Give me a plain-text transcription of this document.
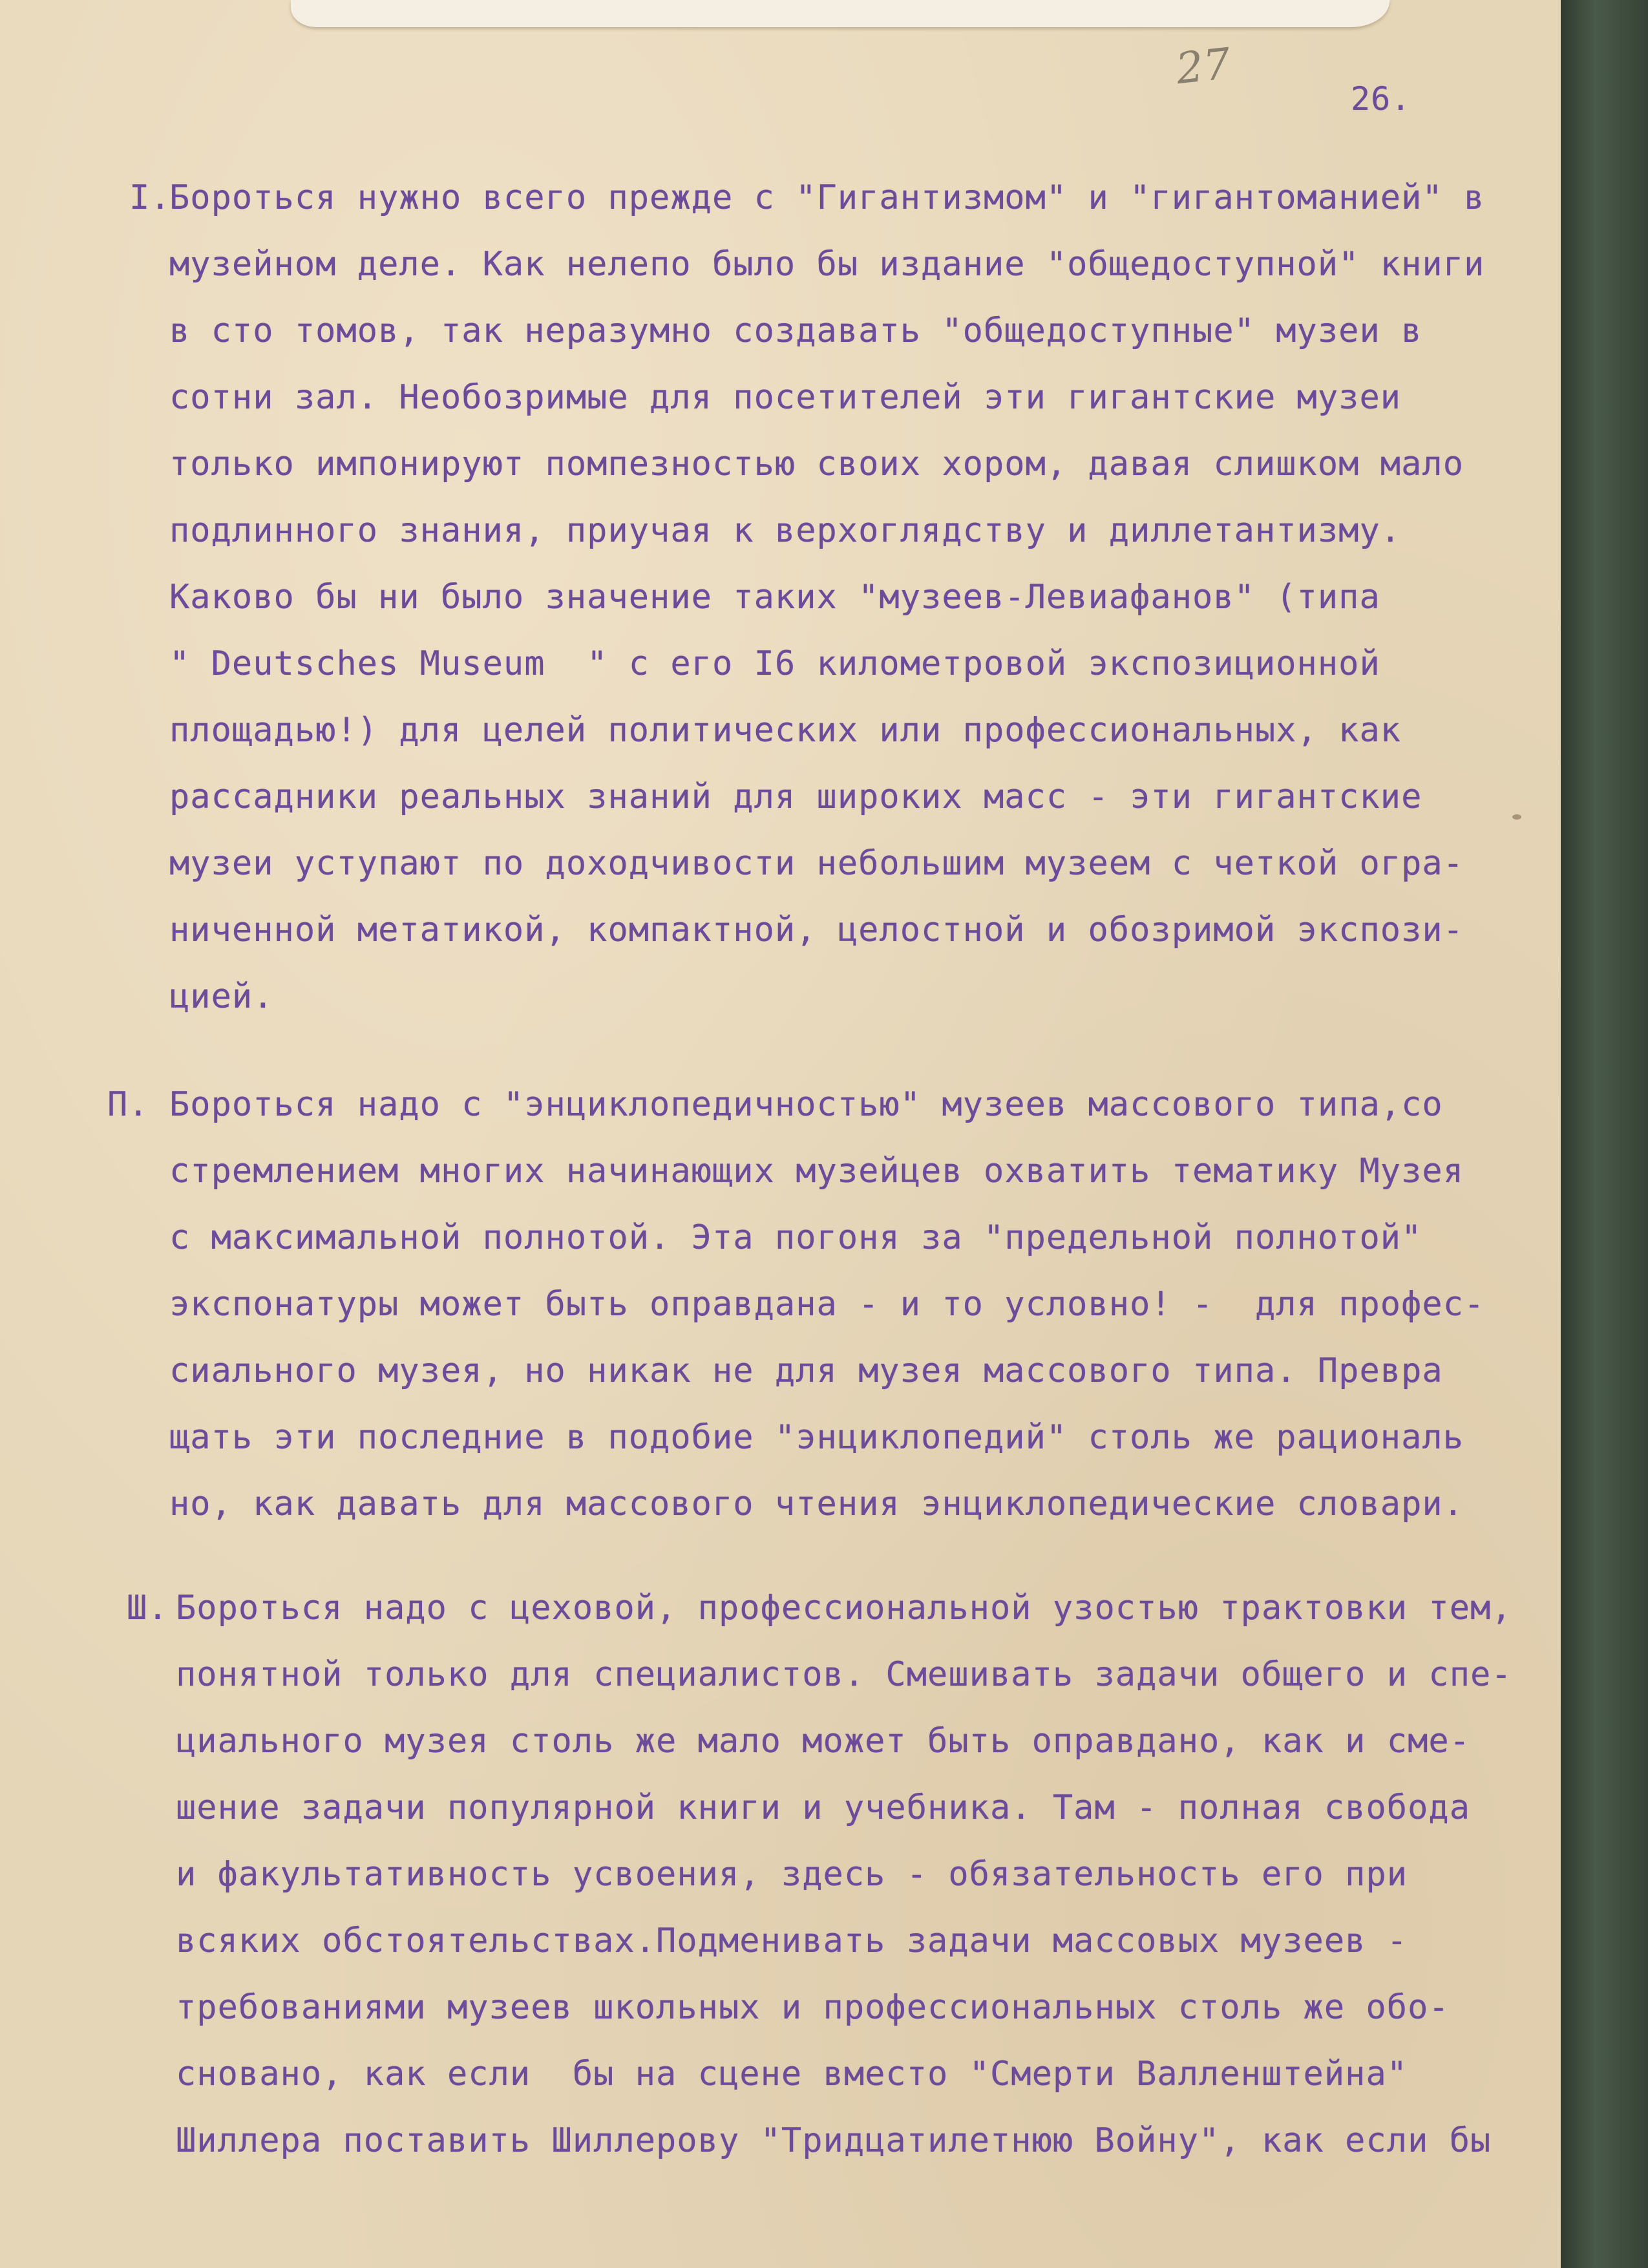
27

26.

I.

Бороться нужно всего прежде с "Гигантизмом" и "гигантоманией" в

музейном деле. Как нелепо было бы издание "общедоступной" книги

в сто томов, так неразумно создавать "общедоступные" музеи в

сотни зал. Необозримые для посетителей эти гигантские музеи

только импонируют помпезностью своих хором, давая слишком мало

подлинного знания, приучая к верхоглядству и диллетантизму.

Каково бы ни было значение таких "музеев-Левиафанов" (типа

" Deutsches Museum  " с его I6 километровой экспозиционной

площадью!) для целей политических или профессиональных, как

рассадники реальных знаний для широких масс - эти гигантские

музеи уступают по доходчивости небольшим музеем с четкой огра-

ниченной метатикой, компактной, целостной и обозримой экспози-

цией.

П. Бороться надо с "энциклопедичностью" музеев массового типа,со

стремлением многих начинающих музейцев охватить тематику Музея

с максимальной полнотой. Эта погоня за "предельной полнотой"

экспонатуры может быть оправдана - и то условно! -  для профес-

сиального музея, но никак не для музея массового типа. Превра

щать эти последние в подобие "энциклопедий" столь же рациональ

но, как давать для массового чтения энциклопедические словари.

Ш. Бороться надо с цеховой, профессиональной узостью трактовки тем,

понятной только для специалистов. Смешивать задачи общего и спе-

циального музея столь же мало может быть оправдано, как и сме-

шение задачи популярной книги и учебника. Там - полная свобода

и факультативность усвоения, здесь - обязательность его при

всяких обстоятельствах.Подменивать задачи массовых музеев -

требованиями музеев школьных и профессиональных столь же обо-

сновано, как если  бы на сцене вместо "Смерти Валленштейна"

Шиллера поставить Шиллерову "Тридцатилетнюю Войну", как если бы
